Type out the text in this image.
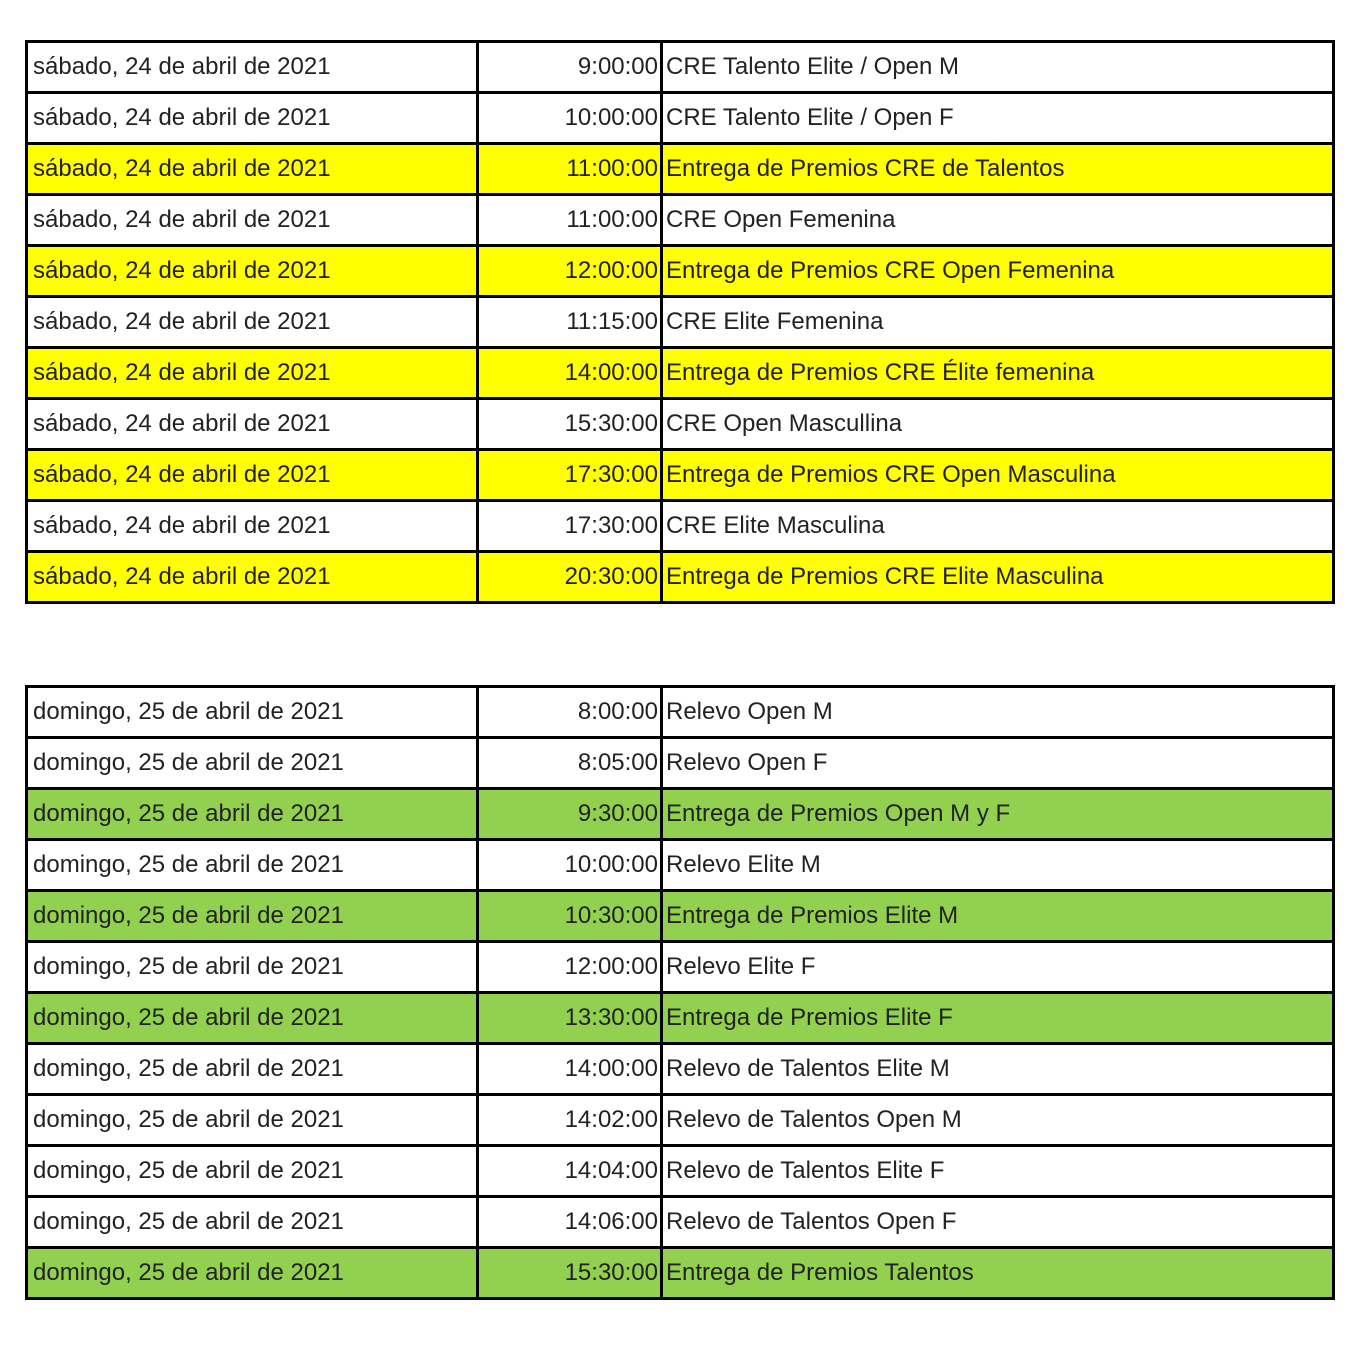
sábado, 24 de abril de 2021	9:00:00	CRE Talento Elite / Open M
sábado, 24 de abril de 2021	10:00:00	CRE Talento Elite / Open F
sábado, 24 de abril de 2021	11:00:00	Entrega de Premios CRE de Talentos
sábado, 24 de abril de 2021	11:00:00	CRE Open Femenina
sábado, 24 de abril de 2021	12:00:00	Entrega de Premios CRE Open Femenina
sábado, 24 de abril de 2021	11:15:00	CRE Elite Femenina
sábado, 24 de abril de 2021	14:00:00	Entrega de Premios CRE Élite femenina
sábado, 24 de abril de 2021	15:30:00	CRE Open Mascullina
sábado, 24 de abril de 2021	17:30:00	Entrega de Premios CRE Open Masculina
sábado, 24 de abril de 2021	17:30:00	CRE Elite Masculina
sábado, 24 de abril de 2021	20:30:00	Entrega de Premios CRE Elite Masculina
domingo, 25 de abril de 2021	8:00:00	Relevo Open M
domingo, 25 de abril de 2021	8:05:00	Relevo Open F
domingo, 25 de abril de 2021	9:30:00	Entrega de Premios Open M y F
domingo, 25 de abril de 2021	10:00:00	Relevo Elite M
domingo, 25 de abril de 2021	10:30:00	Entrega de Premios Elite M
domingo, 25 de abril de 2021	12:00:00	Relevo Elite F
domingo, 25 de abril de 2021	13:30:00	Entrega de Premios Elite F
domingo, 25 de abril de 2021	14:00:00	Relevo de Talentos Elite M
domingo, 25 de abril de 2021	14:02:00	Relevo de Talentos Open M
domingo, 25 de abril de 2021	14:04:00	Relevo de Talentos Elite F
domingo, 25 de abril de 2021	14:06:00	Relevo de Talentos Open F
domingo, 25 de abril de 2021	15:30:00	Entrega de Premios Talentos
